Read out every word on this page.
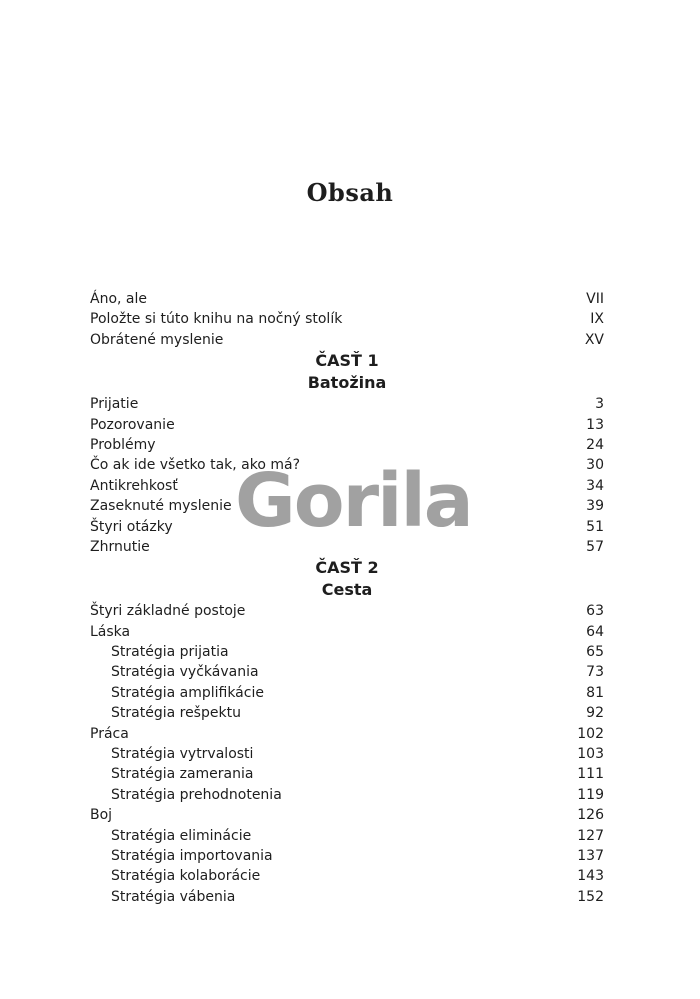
Obsah
Áno, ale	VII
Položte si túto knihu na nočný stolík	IX
Obrátené myslenie	XV
ČASŤ 1
Batožina
Prijatie	3
Pozorovanie	13
Problémy	24
Čo ak ide všetko tak, ako má?	30
Antikrehkosť	34
Zaseknuté myslenie	39
Štyri otázky	51
Zhrnutie	57
ČASŤ 2
Cesta
Štyri základné postoje	63
Láska	64
Stratégia prijatia	65
Stratégia vyčkávania	73
Stratégia amplifikácie	81
Stratégia rešpektu	92
Práca	102
Stratégia vytrvalosti	103
Stratégia zamerania	111
Stratégia prehodnotenia	119
Boj	126
Stratégia eliminácie	127
Stratégia importovania	137
Stratégia kolaborácie	143
Stratégia vábenia	152
Gorila
